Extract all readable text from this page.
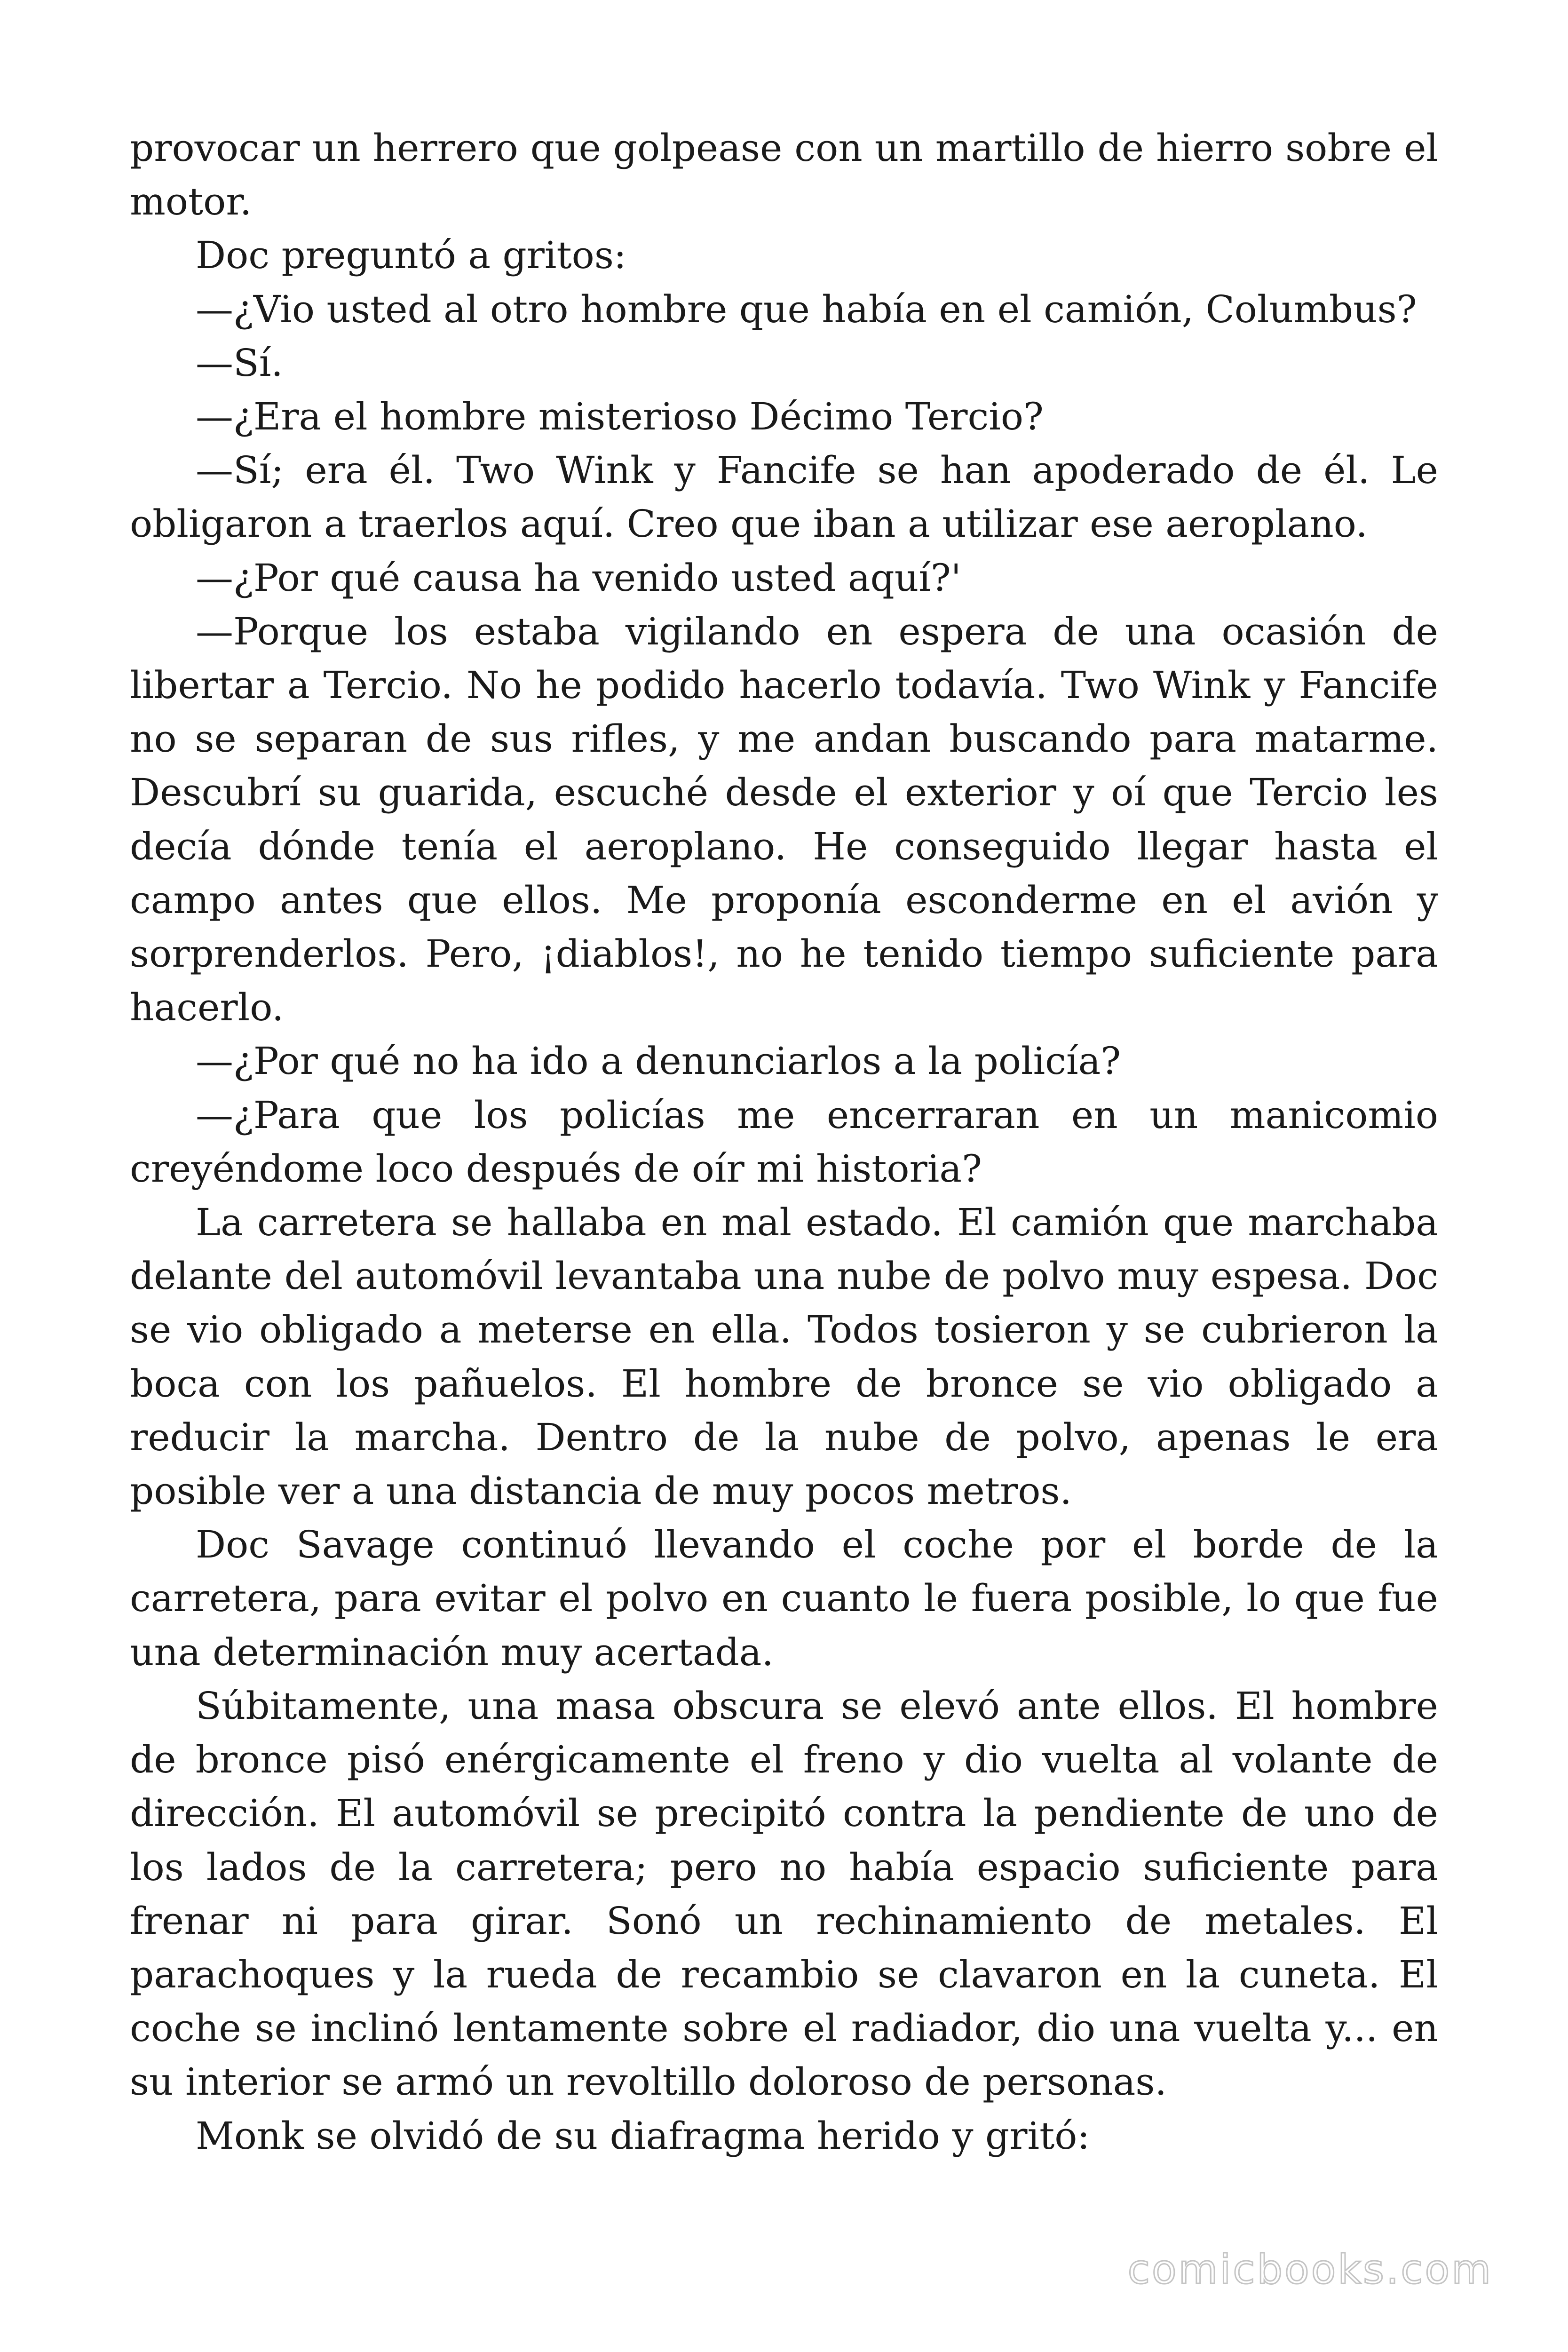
provocar un herrero que golpease con un martillo de hierro sobre el motor.

Doc preguntó a gritos:

—¿Vio usted al otro hombre que había en el camión, Columbus?

—Sí.

—¿Era el hombre misterioso Décimo Tercio?

—Sí; era él. Two Wink y Fancife se han apoderado de él. Le obligaron a traerlos aquí. Creo que iban a utilizar ese aeroplano.

—¿Por qué causa ha venido usted aquí?'

—Porque los estaba vigilando en espera de una ocasión de libertar a Tercio. No he podido hacerlo todavía. Two Wink y Fancife no se separan de sus rifles, y me andan buscando para matarme. Descubrí su guarida, escuché desde el exterior y oí que Tercio les decía dónde tenía el aeroplano. He conseguido llegar hasta el campo antes que ellos. Me proponía esconderme en el avión y sorprenderlos. Pero, ¡diablos!, no he tenido tiempo suficiente para hacerlo.

—¿Por qué no ha ido a denunciarlos a la policía?

—¿Para que los policías me encerraran en un manicomio creyéndome loco después de oír mi historia?

La carretera se hallaba en mal estado. El camión que marchaba delante del automóvil levantaba una nube de polvo muy espesa. Doc se vio obligado a meterse en ella. Todos tosieron y se cubrieron la boca con los pañuelos. El hombre de bronce se vio obligado a reducir la marcha. Dentro de la nube de polvo, apenas le era posible ver a una distancia de muy pocos metros.

Doc Savage continuó llevando el coche por el borde de la carretera, para evitar el polvo en cuanto le fuera posible, lo que fue una determinación muy acertada.

Súbitamente, una masa obscura se elevó ante ellos. El hombre de bronce pisó enérgicamente el freno y dio vuelta al volante de dirección. El automóvil se precipitó contra la pendiente de uno de los lados de la carretera; pero no había espacio suficiente para frenar ni para girar. Sonó un rechinamiento de metales. El parachoques y la rueda de recambio se clavaron en la cuneta. El coche se inclinó lentamente sobre el radiador, dio una vuelta y... en su interior se armó un revoltillo doloroso de personas.

Monk se olvidó de su diafragma herido y gritó:

comicbooks.com
